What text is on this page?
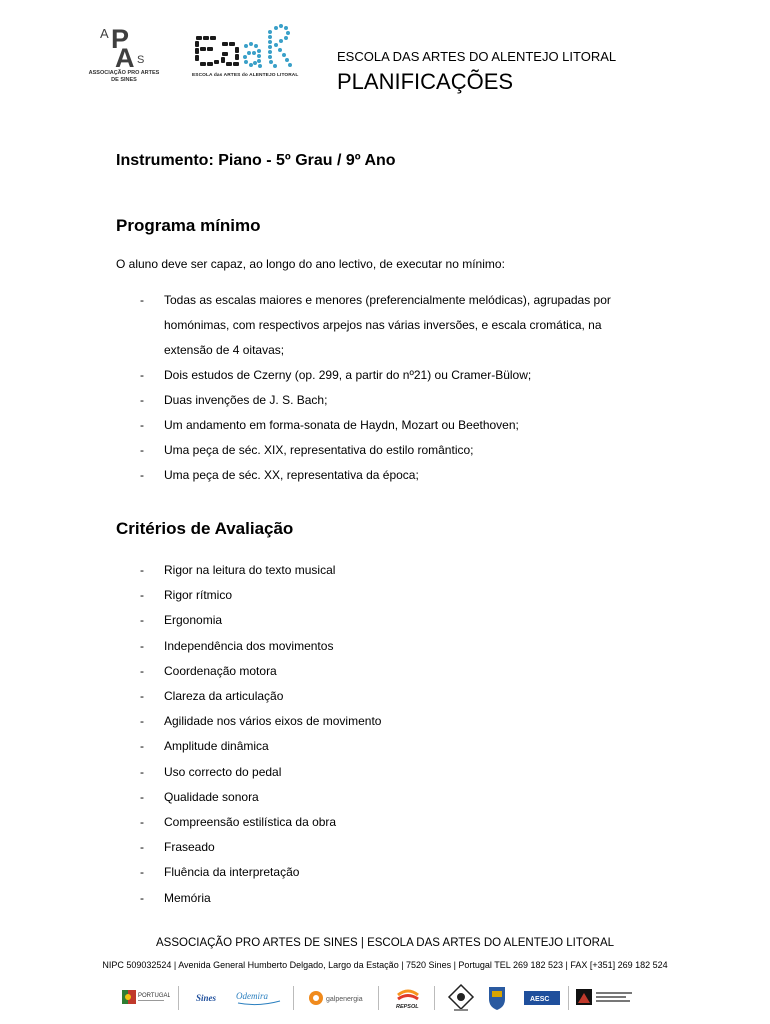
A P
A S
ASSOCIAÇÃO PRO ARTES
DE SINES
ESCOLA das ARTES do ALENTEJO LITORAL
ESCOLA DAS ARTES DO ALENTEJO LITORAL
PLANIFICAÇÕES
Instrumento: Piano - 5º Grau / 9º Ano
Programa mínimo
O aluno deve ser capaz, ao longo do ano lectivo, de executar no mínimo:
- Todas as escalas maiores e menores (preferencialmente melódicas), agrupadas por
homónimas, com respectivos arpejos nas várias inversões, e escala cromática, na
extensão de 4 oitavas;
- Dois estudos de Czerny (op. 299, a partir do nº21) ou Cramer-Bülow;
- Duas invenções de J. S. Bach;
- Um andamento em forma-sonata de Haydn, Mozart ou Beethoven;
- Uma peça de séc. XIX, representativa do estilo romântico;
- Uma peça de séc. XX, representativa da época;
Critérios de Avaliação
- Rigor na leitura do texto musical
- Rigor rítmico
- Ergonomia
- Independência dos movimentos
- Coordenação motora
- Clareza da articulação
- Agilidade nos vários eixos de movimento
- Amplitude dinâmica
- Uso correcto do pedal
- Qualidade sonora
- Compreensão estilística da obra
- Fraseado
- Fluência da interpretação
- Memória
ASSOCIAÇÃO PRO ARTES DE SINES | ESCOLA DAS ARTES DO ALENTEJO LITORAL
NIPC 509032524 | Avenida General Humberto Delgado, Largo da Estação | 7520 Sines | Portugal TEL 269 182 523 | FAX [+351] 269 182 524
PORTUGAL	Sines Odemira	galpenergia
REPSOL
AESC
